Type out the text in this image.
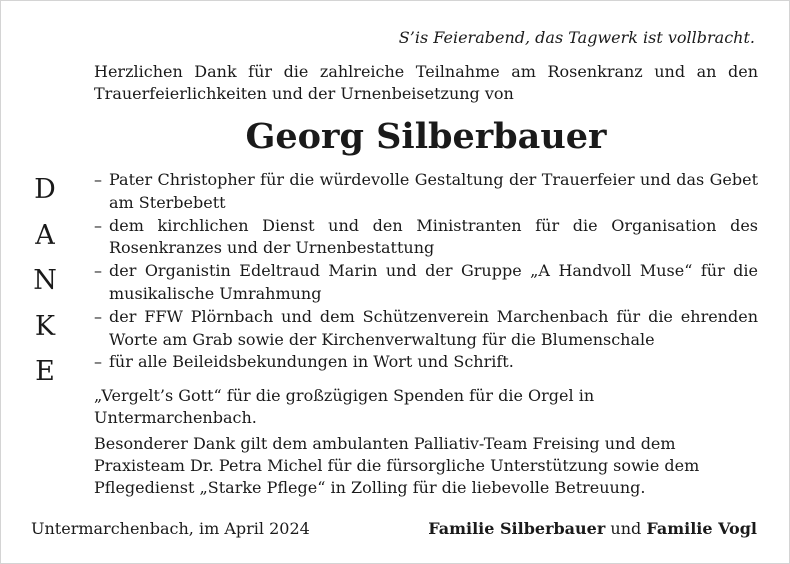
S’is Feierabend, das Tagwerk ist vollbracht.
Herzlichen Dank für die zahlreiche Teilnahme am Rosenkranz und an den Trauerfeierlichkeiten und der Urnenbeisetzung von
Georg Silberbauer
D
A
N
K
E
– Pater Christopher für die würdevolle Gestaltung der Trauerfeier und das Gebet am Sterbebett
– dem kirchlichen Dienst und den Ministranten für die Organisation des Rosenkranzes und der Urnenbestattung
– der Organistin Edeltraud Marin und der Gruppe „A Handvoll Muse“ für die musikalische Umrahmung
– der FFW Plörnbach und dem Schützenverein Marchenbach für die ehrenden Worte am Grab sowie der Kirchenverwaltung für die Blumenschale
– für alle Beileidsbekundungen in Wort und Schrift.
„Vergelt’s Gott“ für die großzügigen Spenden für die Orgel in Untermarchenbach.
Besonderer Dank gilt dem ambulanten Palliativ-Team Freising und dem Praxisteam Dr. Petra Michel für die fürsorgliche Unterstützung sowie dem Pflegedienst „Starke Pflege“ in Zolling für die liebevolle Betreuung.
Untermarchenbach, im April 2024	Familie Silberbauer und Familie Vogl
